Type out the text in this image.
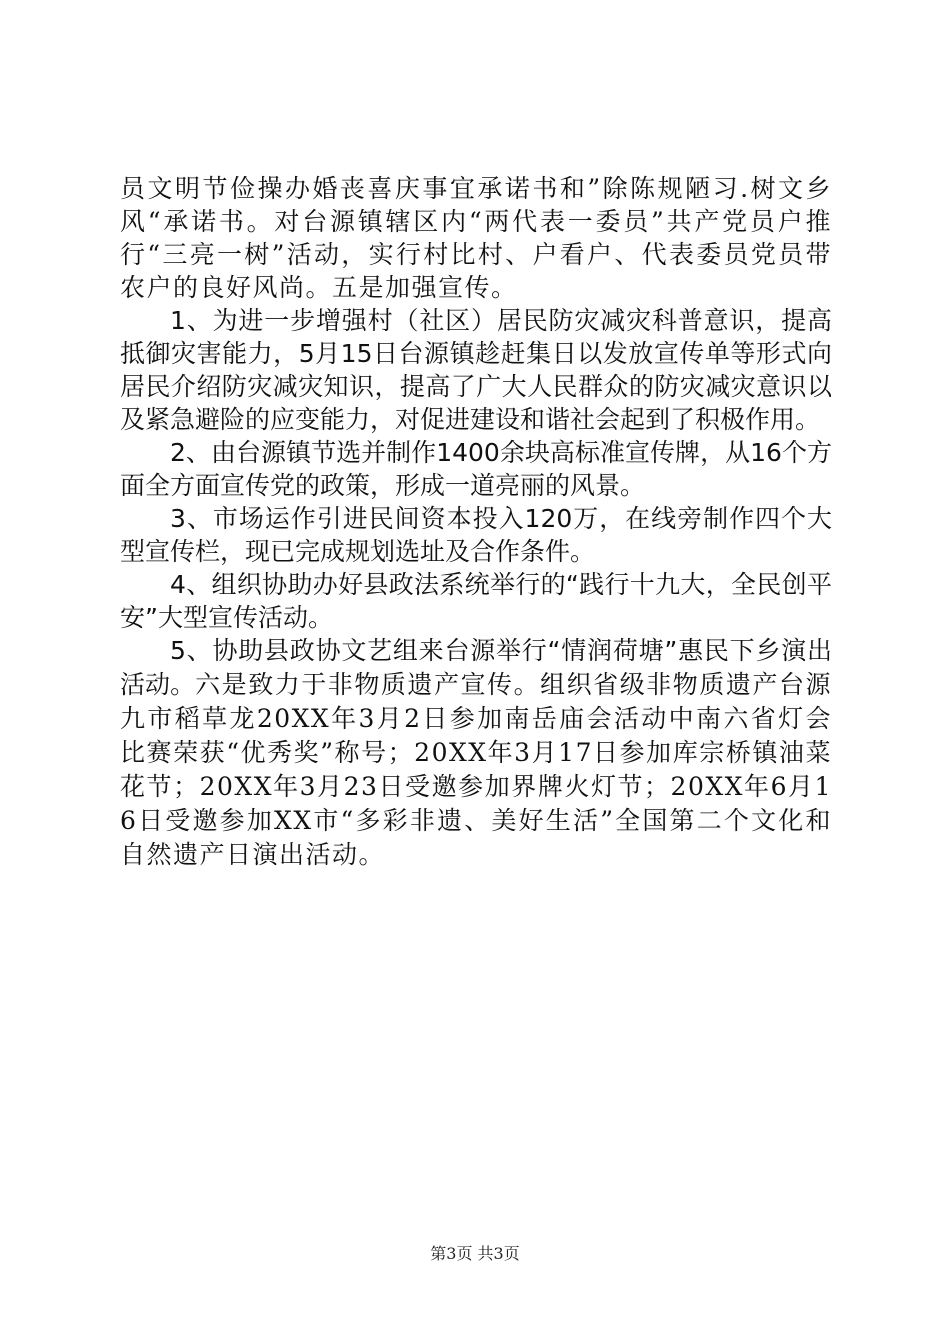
员文明节俭操办婚丧喜庆事宜承诺书和”除陈规陋习.树文乡风“承诺书。对台源镇辖区内“两代表一委员”共产党员户推行“三亮一树”活动，实行村比村、户看户、代表委员党员带农户的良好风尚。五是加强宣传。

1、为进一步增强村（社区）居民防灾减灾科普意识，提高抵御灾害能力，5月15日台源镇趁赶集日以发放宣传单等形式向居民介绍防灾减灾知识，提高了广大人民群众的防灾减灾意识以及紧急避险的应变能力，对促进建设和谐社会起到了积极作用。

2、由台源镇节选并制作1400余块高标准宣传牌，从16个方面全方面宣传党的政策，形成一道亮丽的风景。

3、市场运作引进民间资本投入120万，在线旁制作四个大型宣传栏，现已完成规划选址及合作条件。

4、组织协助办好县政法系统举行的“践行十九大，全民创平安”大型宣传活动。

5、协助县政协文艺组来台源举行“情润荷塘”惠民下乡演出活动。六是致力于非物质遗产宣传。组织省级非物质遗产台源九市稻草龙20XX年3月2日参加南岳庙会活动中南六省灯会比赛荣获“优秀奖”称号；20XX年3月17日参加库宗桥镇油菜花节；20XX年3月23日受邀参加界牌火灯节；20XX年6月16日受邀参加XX市“多彩非遗、美好生活”全国第二个文化和自然遗产日演出活动。

第3页 共3页
